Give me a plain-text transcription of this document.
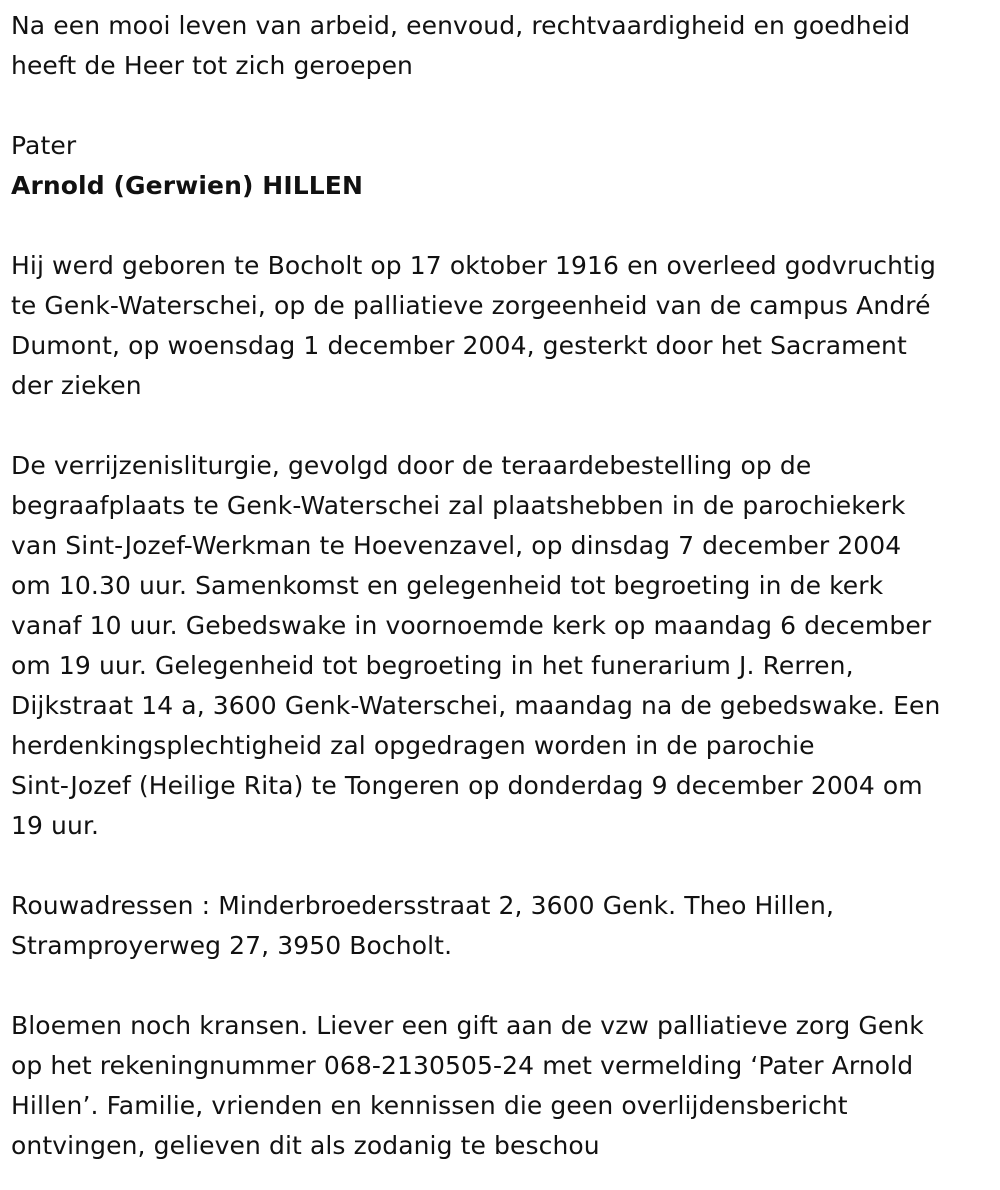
Na een mooi leven van arbeid, eenvoud, rechtvaardigheid en goedheid
heeft de Heer tot zich geroepen

Pater
Arnold (Gerwien) HILLEN

Hij werd geboren te Bocholt op 17 oktober 1916 en overleed godvruchtig
te Genk-Waterschei, op de palliatieve zorgeenheid van de campus André
Dumont, op woensdag 1 december 2004, gesterkt door het Sacrament
der zieken

De verrijzenisliturgie, gevolgd door de teraardebestelling op de
begraafplaats te Genk-Waterschei zal plaatshebben in de parochiekerk
van Sint-Jozef-Werkman te Hoevenzavel, op dinsdag 7 december 2004
om 10.30 uur. Samenkomst en gelegenheid tot begroeting in de kerk
vanaf 10 uur. Gebedswake in voornoemde kerk op maandag 6 december
om 19 uur. Gelegenheid tot begroeting in het funerarium J. Rerren,
Dijkstraat 14 a, 3600 Genk-Waterschei, maandag na de gebedswake. Een
herdenkingsplechtigheid zal opgedragen worden in de parochie
Sint-Jozef (Heilige Rita) te Tongeren op donderdag 9 december 2004 om
19 uur.

Rouwadressen : Minderbroedersstraat 2, 3600 Genk. Theo Hillen,
Stramproyerweg 27, 3950 Bocholt.

Bloemen noch kransen. Liever een gift aan de vzw palliatieve zorg Genk
op het rekeningnummer 068-2130505-24 met vermelding ‘Pater Arnold
Hillen’. Familie, vrienden en kennissen die geen overlijdensbericht
ontvingen, gelieven dit als zodanig te beschou
